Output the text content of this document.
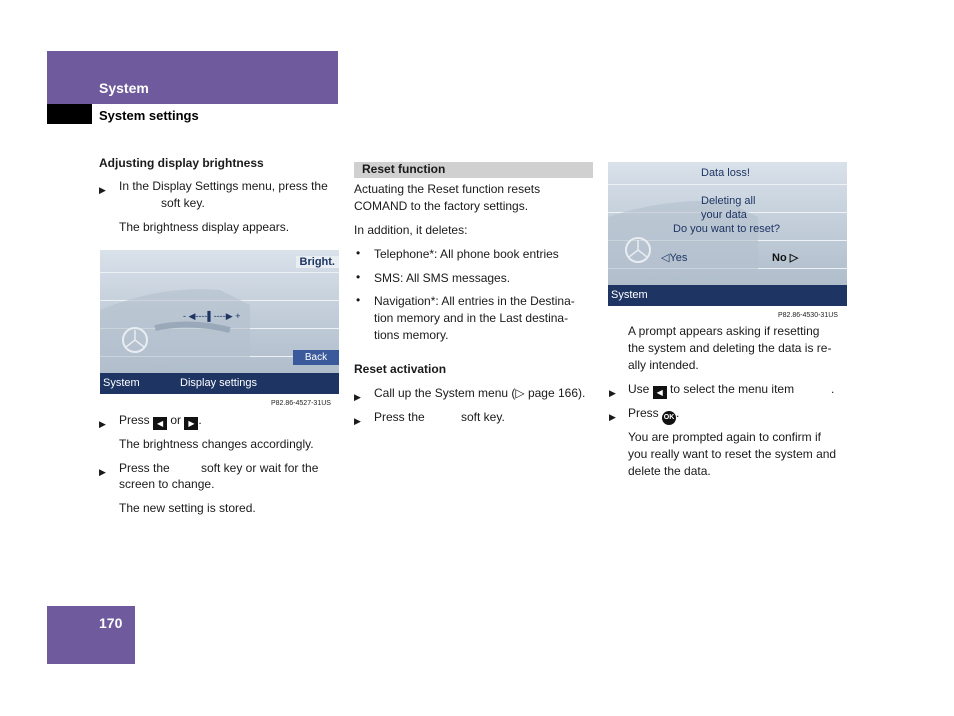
System
System settings
Adjusting display brightness
▶ In the Display Settings menu, press the
soft key.
The brightness display appears.
Bright.
- ◀----▌----▶ +
Back
System	Display settings
P82.86-4527-31US
▶ Press ◀ or ▶ .
The brightness changes accordingly.
▶ Press the	soft key or wait for the
screen to change.
The new setting is stored.
Reset function
Actuating the Reset function resets
COMAND to the factory settings.
In addition, it deletes:
• Telephone*: All phone book entries
• SMS: All SMS messages.
• Navigation*: All entries in the Destina-
tion memory and in the Last destina-
tions memory.
Reset activation
▶ Call up the System menu (▷ page 166).
▶ Press the	soft key.
Data loss!
Deleting all
your data
Do you want to reset?
◁Yes	No ▷
System
P82.86-4530-31US
A prompt appears asking if resetting
the system and deleting the data is re-
ally intended.
▶ Use ◀ to select the menu item	.
▶ Press OK .
You are prompted again to confirm if
you really want to reset the system and
delete the data.
170
